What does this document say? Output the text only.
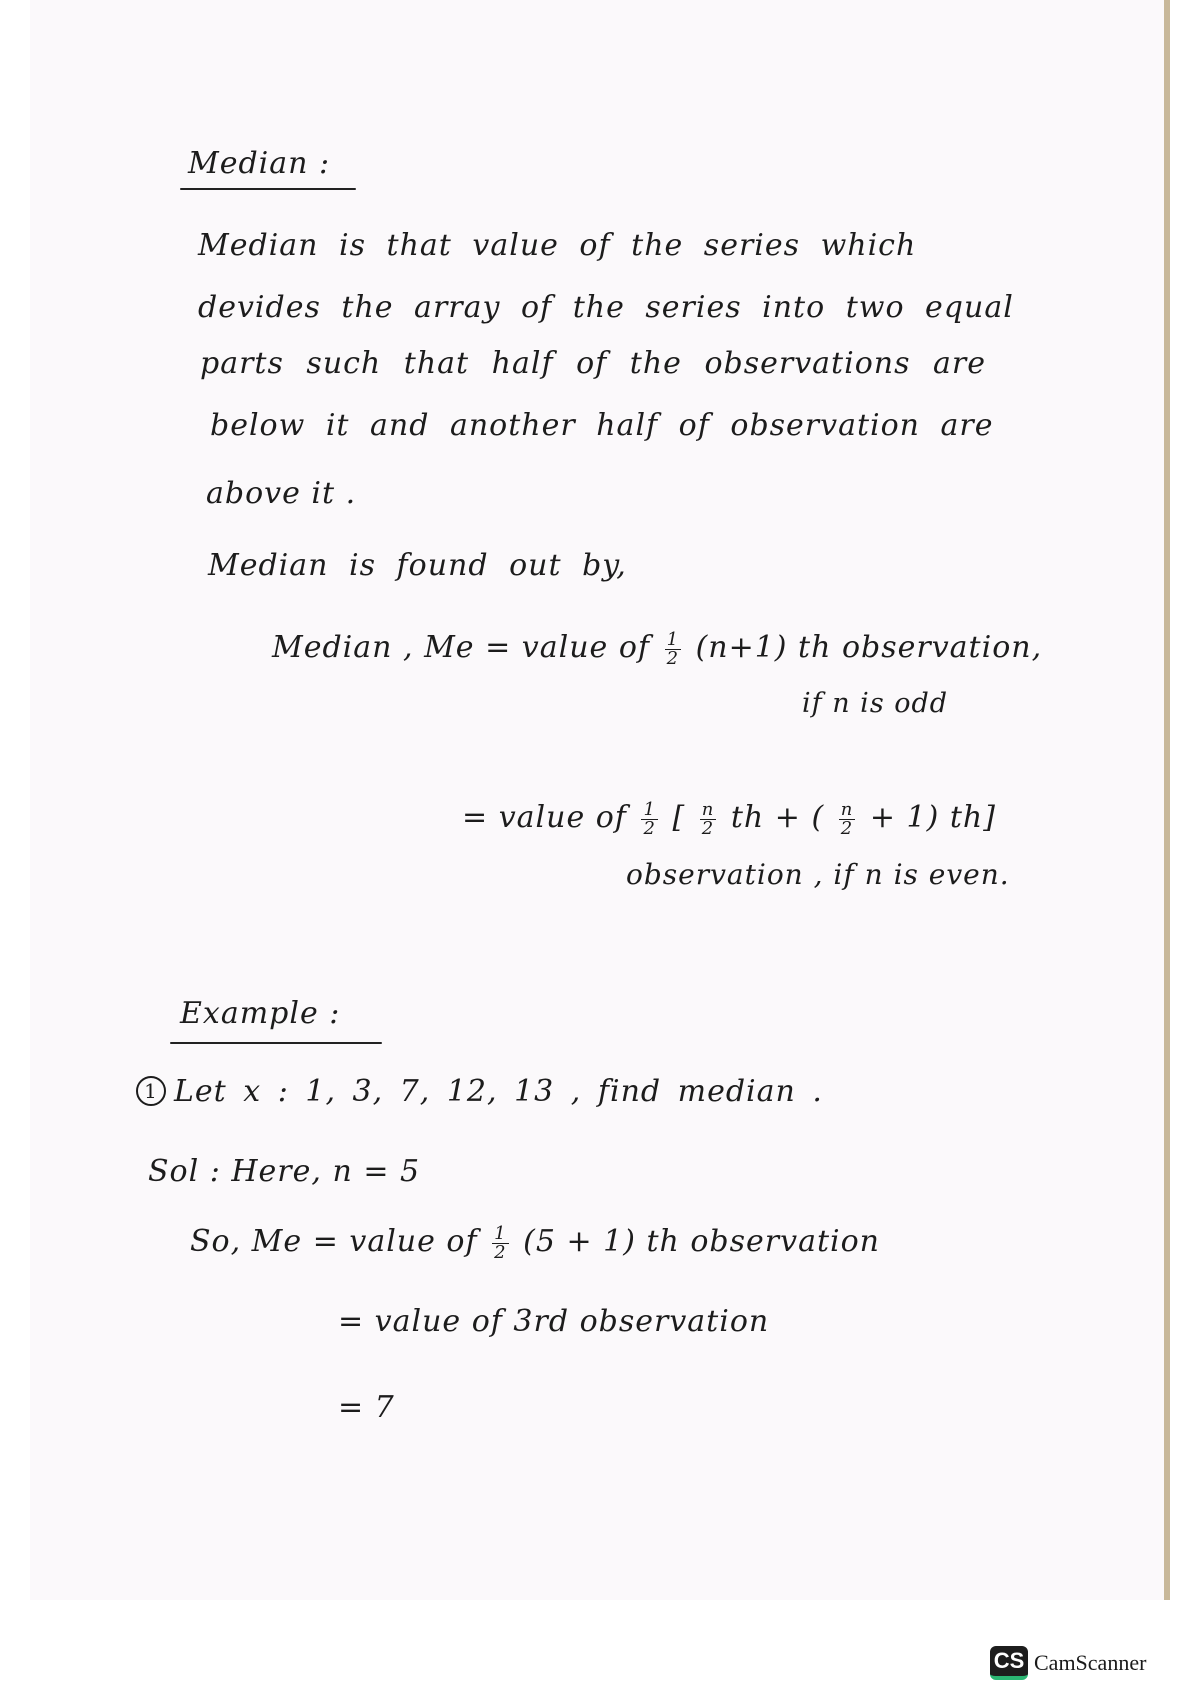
Median :
Median is that value of the series which
devides the array of the series into two equal
parts such that half of the observations are
below it and another half of observation are
above it .
Median is found out by,
Median , Me = value of $\frac{1}{2} (n+1)$ th observation,
if n is odd
= value of $\frac{1}{2}$ [ $\frac{n}{2}$ th + ( $\frac{n}{2} + 1$) th]
observation , if n is even.
Example :
1 Let x : 1, 3, 7, 12, 13 , find median .
Sol : Here, n = 5
So, Me = value of $\frac{1}{2} (5 + 1)$ th observation
= value of 3rd observation
= 7
CS CamScanner
